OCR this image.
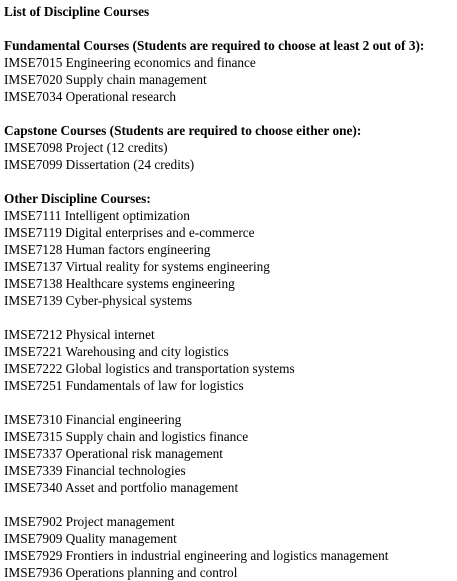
List of Discipline Courses
Fundamental Courses (Students are required to choose at least 2 out of 3):
IMSE7015 Engineering economics and finance
IMSE7020 Supply chain management
IMSE7034 Operational research
Capstone Courses (Students are required to choose either one):
IMSE7098 Project (12 credits)
IMSE7099 Dissertation (24 credits)
Other Discipline Courses:
IMSE7111 Intelligent optimization
IMSE7119 Digital enterprises and e-commerce
IMSE7128 Human factors engineering
IMSE7137 Virtual reality for systems engineering
IMSE7138 Healthcare systems engineering
IMSE7139 Cyber-physical systems
IMSE7212 Physical internet
IMSE7221 Warehousing and city logistics
IMSE7222 Global logistics and transportation systems
IMSE7251 Fundamentals of law for logistics
IMSE7310 Financial engineering
IMSE7315 Supply chain and logistics finance
IMSE7337 Operational risk management
IMSE7339 Financial technologies
IMSE7340 Asset and portfolio management
IMSE7902 Project management
IMSE7909 Quality management
IMSE7929 Frontiers in industrial engineering and logistics management
IMSE7936 Operations planning and control
